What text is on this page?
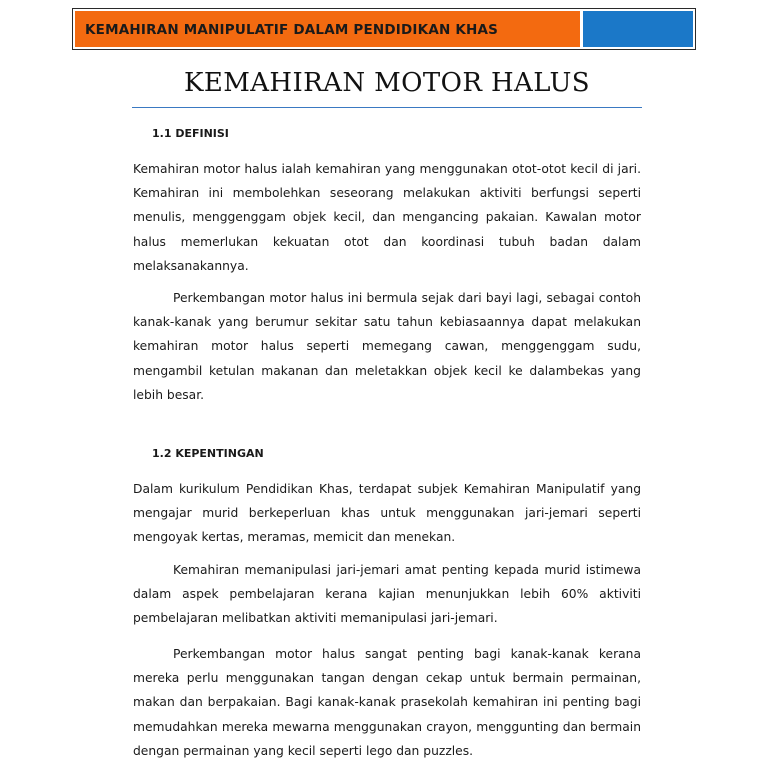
KEMAHIRAN MANIPULATIF DALAM PENDIDIKAN KHAS
KEMAHIRAN MOTOR HALUS
1.1 DEFINISI

Kemahiran motor halus ialah kemahiran yang menggunakan otot-otot kecil di jari. Kemahiran ini membolehkan seseorang melakukan aktiviti berfungsi seperti menulis, menggenggam objek kecil, dan mengancing pakaian. Kawalan motor halus memerlukan kekuatan otot dan koordinasi tubuh badan dalam melaksanakannya.

Perkembangan motor halus ini bermula sejak dari bayi lagi, sebagai contoh kanak-kanak yang berumur sekitar satu tahun kebiasaannya dapat melakukan kemahiran motor halus seperti memegang cawan, menggenggam sudu, mengambil ketulan makanan dan meletakkan objek kecil ke dalambekas yang lebih besar.

1.2 KEPENTINGAN

Dalam kurikulum Pendidikan Khas, terdapat subjek Kemahiran Manipulatif yang mengajar murid berkeperluan khas untuk menggunakan jari-jemari seperti mengoyak kertas, meramas, memicit dan menekan.

Kemahiran memanipulasi jari-jemari amat penting kepada murid istimewa dalam aspek pembelajaran kerana kajian menunjukkan lebih 60% aktiviti pembelajaran melibatkan aktiviti memanipulasi jari-jemari.

Perkembangan motor halus sangat penting bagi kanak-kanak kerana mereka perlu menggunakan tangan dengan cekap untuk bermain permainan, makan dan berpakaian. Bagi kanak-kanak prasekolah kemahiran ini penting bagi memudahkan mereka mewarna menggunakan crayon, menggunting dan bermain dengan permainan yang kecil seperti lego dan puzzles.
